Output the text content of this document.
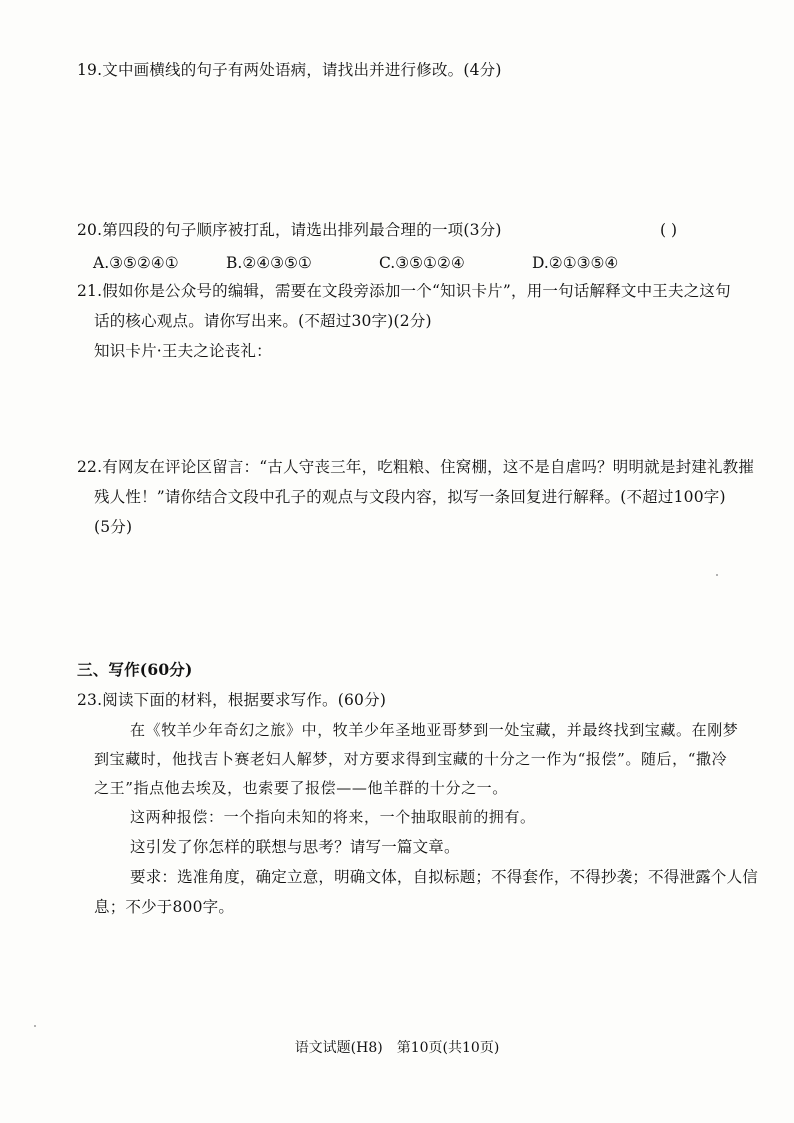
19.文中画横线的句子有两处语病，请找出并进行修改。(4分)
20.第四段的句子顺序被打乱，请选出排列最合理的一项(3分)	( )
A.③⑤②④①	B.②④③⑤①	C.③⑤①②④	D.②①③⑤④
21.假如你是公众号的编辑，需要在文段旁添加一个“知识卡片”，用一句话解释文中王夫之这句
话的核心观点。请你写出来。(不超过30字)(2分)
知识卡片·王夫之论丧礼：
22.有网友在评论区留言：“古人守丧三年，吃粗粮、住窝棚，这不是自虐吗？明明就是封建礼教摧
残人性！”请你结合文段中孔子的观点与文段内容，拟写一条回复进行解释。(不超过100字)
(5分)
三、写作(60分)
23.阅读下面的材料，根据要求写作。(60分)
在《牧羊少年奇幻之旅》中，牧羊少年圣地亚哥梦到一处宝藏，并最终找到宝藏。在刚梦
到宝藏时，他找吉卜赛老妇人解梦，对方要求得到宝藏的十分之一作为“报偿”。随后，“撒冷
之王”指点他去埃及，也索要了报偿——他羊群的十分之一。
这两种报偿：一个指向未知的将来，一个抽取眼前的拥有。
这引发了你怎样的联想与思考？请写一篇文章。
要求：选准角度，确定立意，明确文体，自拟标题；不得套作，不得抄袭；不得泄露个人信
息；不少于800字。
语文试题(H8) 第10页(共10页)
